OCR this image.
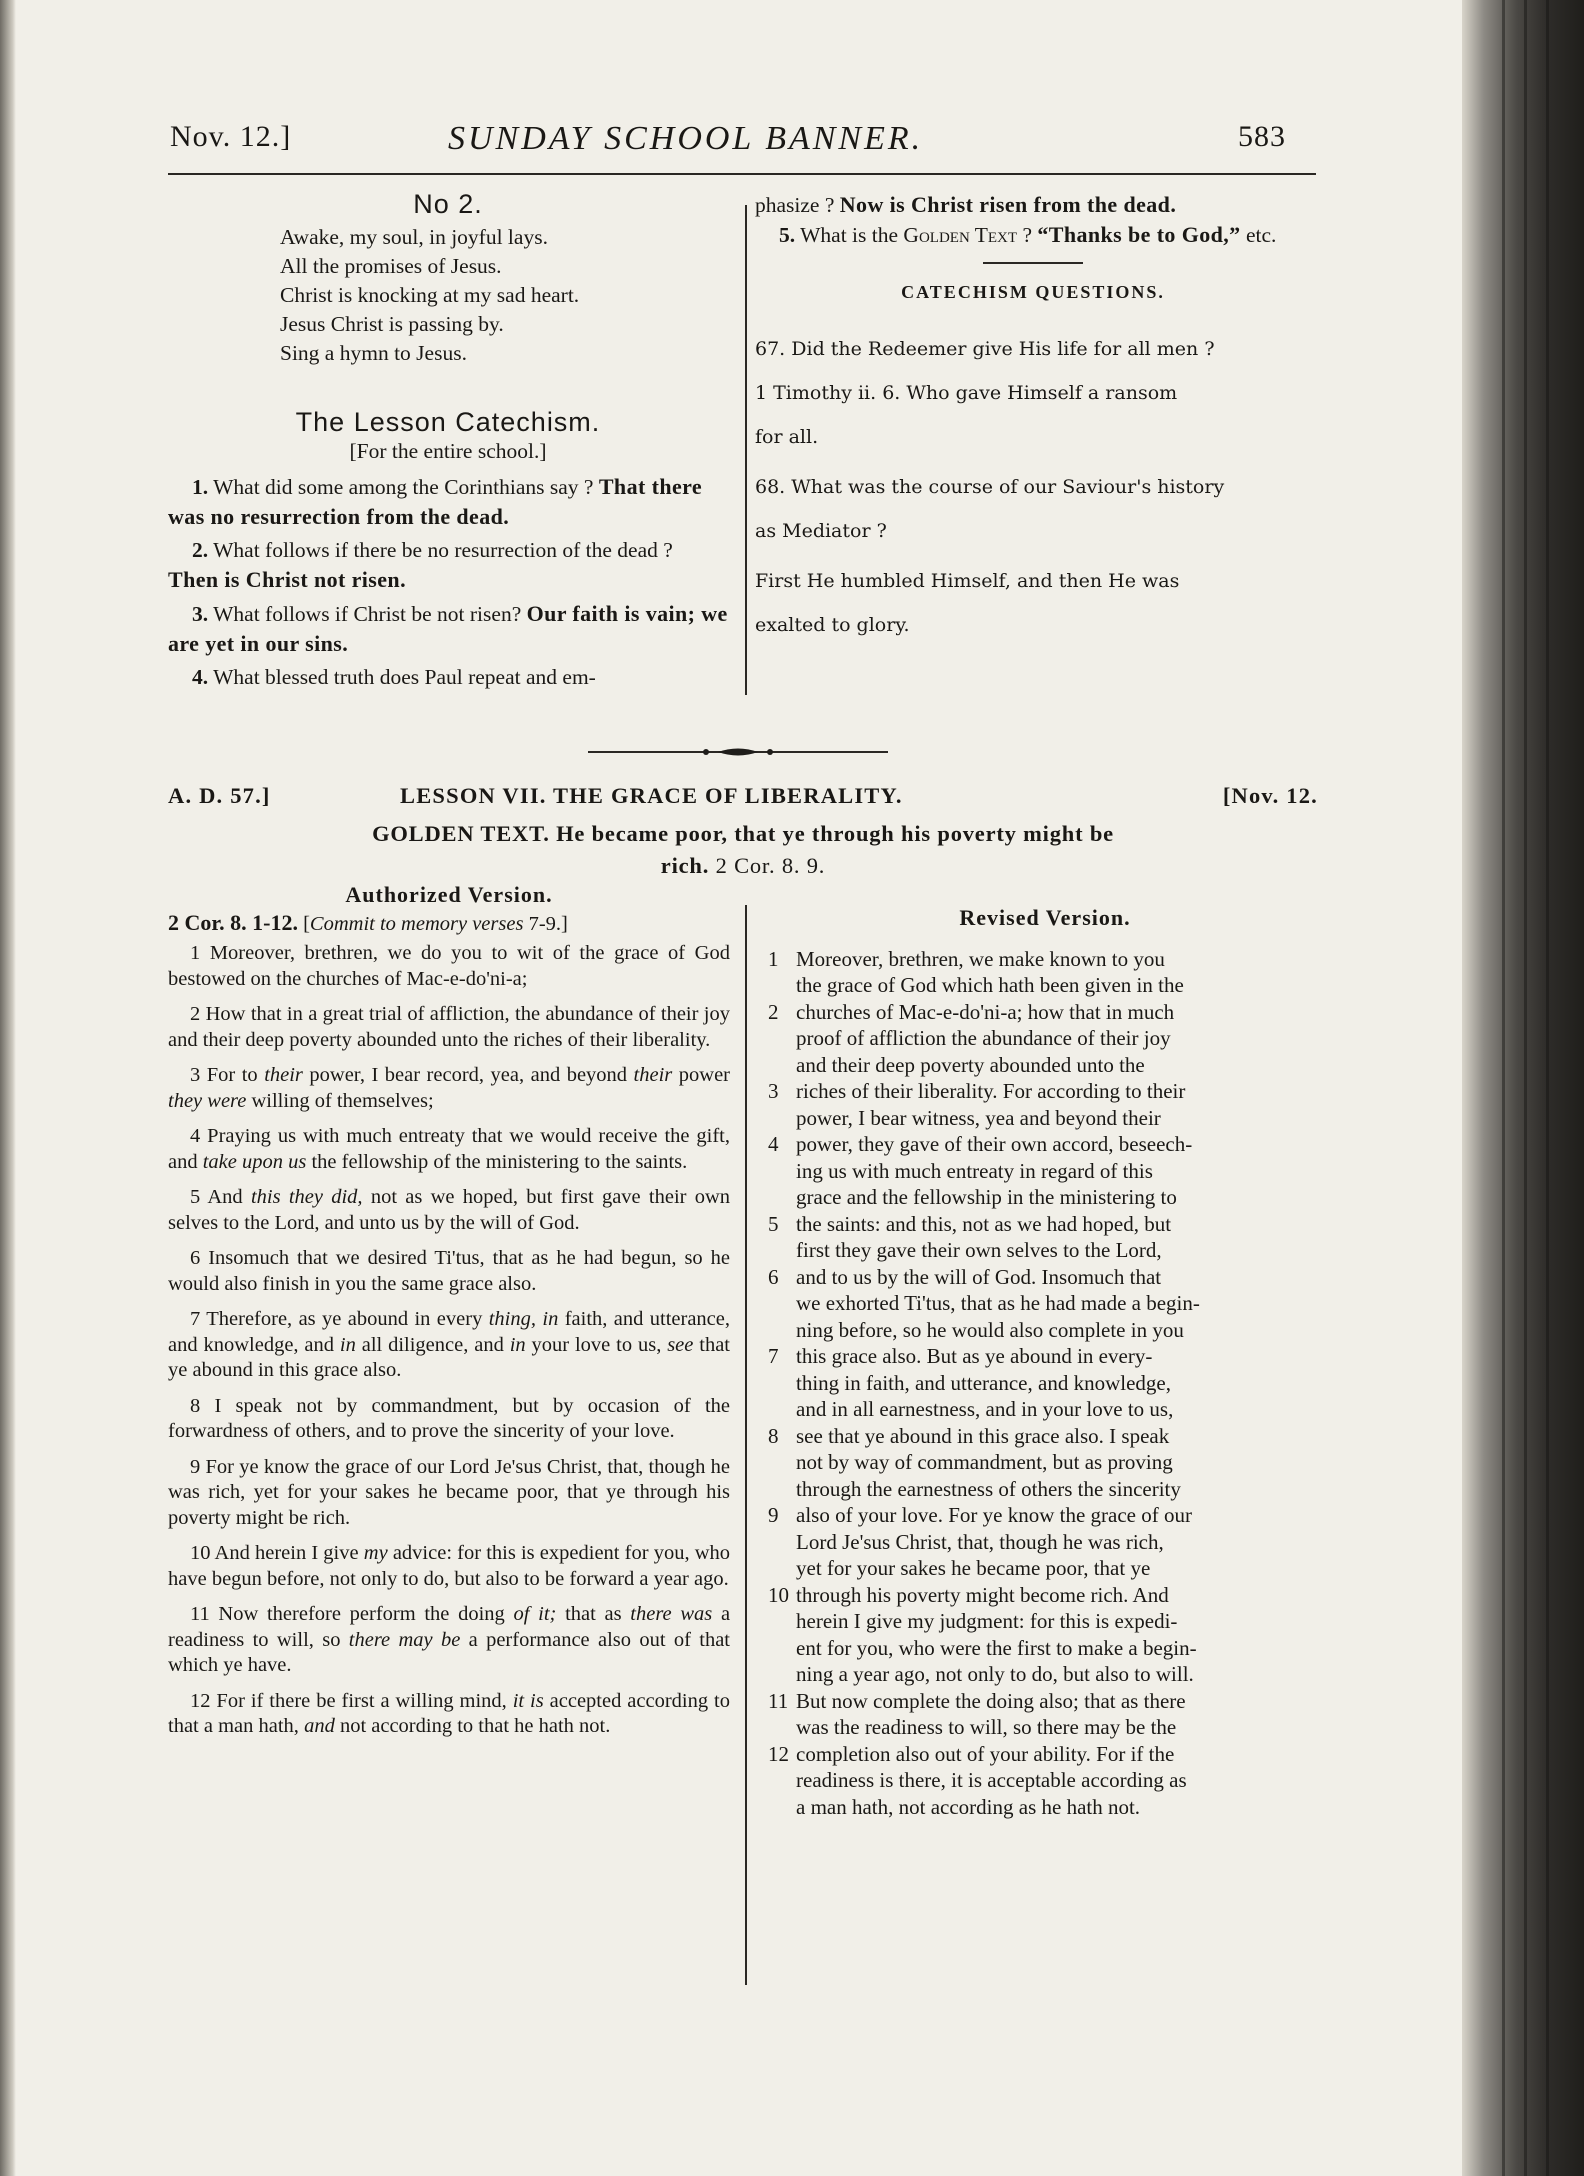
Nov. 12.]	SUNDAY SCHOOL BANNER.	583

No 2.

Awake, my soul, in joyful lays.

All the promises of Jesus.

Christ is knocking at my sad heart.

Jesus Christ is passing by.

Sing a hymn to Jesus.

The Lesson Catechism.

[For the entire school.]

1. What did some among the Corinthians say ? That there was no resurrection from the dead.

2. What follows if there be no resurrection of the dead ? Then is Christ not risen.

3. What follows if Christ be not risen? Our faith is vain; we are yet in our sins.

4. What blessed truth does Paul repeat and em-

phasize ? Now is Christ risen from the dead.

5. What is the Golden Text ? “Thanks be to God,” etc.

CATECHISM QUESTIONS.

67. Did the Redeemer give His life for all men ?

1 Timothy ii. 6. Who gave Himself a ransom

for all.

68. What was the course of our Saviour's history

as Mediator ?

First He humbled Himself, and then He was

exalted to glory.

A. D. 57.]	LESSON VII. THE GRACE OF LIBERALITY.	[Nov. 12.
GOLDEN TEXT. He became poor, that ye through his poverty might be
rich. 2 Cor. 8. 9.

Authorized Version.

2 Cor. 8. 1-12. [Commit to memory verses 7-9.]

1 Moreover, brethren, we do you to wit of the grace of God bestowed on the churches of Mac-e-do'ni-a;

2 How that in a great trial of affliction, the abundance of their joy and their deep poverty abounded unto the riches of their liberality.

3 For to their power, I bear record, yea, and beyond their power they were willing of themselves;

4 Praying us with much entreaty that we would receive the gift, and take upon us the fellowship of the ministering to the saints.

5 And this they did, not as we hoped, but first gave their own selves to the Lord, and unto us by the will of God.

6 Insomuch that we desired Ti'tus, that as he had begun, so he would also finish in you the same grace also.

7 Therefore, as ye abound in every thing, in faith, and utterance, and knowledge, and in all diligence, and in your love to us, see that ye abound in this grace also.

8 I speak not by commandment, but by occasion of the forwardness of others, and to prove the sincerity of your love.

9 For ye know the grace of our Lord Je'sus Christ, that, though he was rich, yet for your sakes he became poor, that ye through his poverty might be rich.

10 And herein I give my advice: for this is expedient for you, who have begun before, not only to do, but also to be forward a year ago.

11 Now therefore perform the doing of it; that as there was a readiness to will, so there may be a performance also out of that which ye have.

12 For if there be first a willing mind, it is accepted according to that a man hath, and not according to that he hath not.

Revised Version.

1 Moreover, brethren, we make known to you
the grace of God which hath been given in the
2 churches of Mac-e-do'ni-a; how that in much
proof of affliction the abundance of their joy
and their deep poverty abounded unto the
3 riches of their liberality. For according to their
power, I bear witness, yea and beyond their
4 power, they gave of their own accord, beseech-
ing us with much entreaty in regard of this
grace and the fellowship in the ministering to
5 the saints: and this, not as we had hoped, but
first they gave their own selves to the Lord,
6 and to us by the will of God. Insomuch that
we exhorted Ti'tus, that as he had made a begin-
ning before, so he would also complete in you
7 this grace also. But as ye abound in every-
thing in faith, and utterance, and knowledge,
and in all earnestness, and in your love to us,
8 see that ye abound in this grace also. I speak
not by way of commandment, but as proving
through the earnestness of others the sincerity
9 also of your love. For ye know the grace of our
Lord Je'sus Christ, that, though he was rich,
yet for your sakes he became poor, that ye
10 through his poverty might become rich. And
herein I give my judgment: for this is expedi-
ent for you, who were the first to make a begin-
ning a year ago, not only to do, but also to will.
11 But now complete the doing also; that as there
was the readiness to will, so there may be the
12 completion also out of your ability. For if the
readiness is there, it is acceptable according as
a man hath, not according as he hath not.
